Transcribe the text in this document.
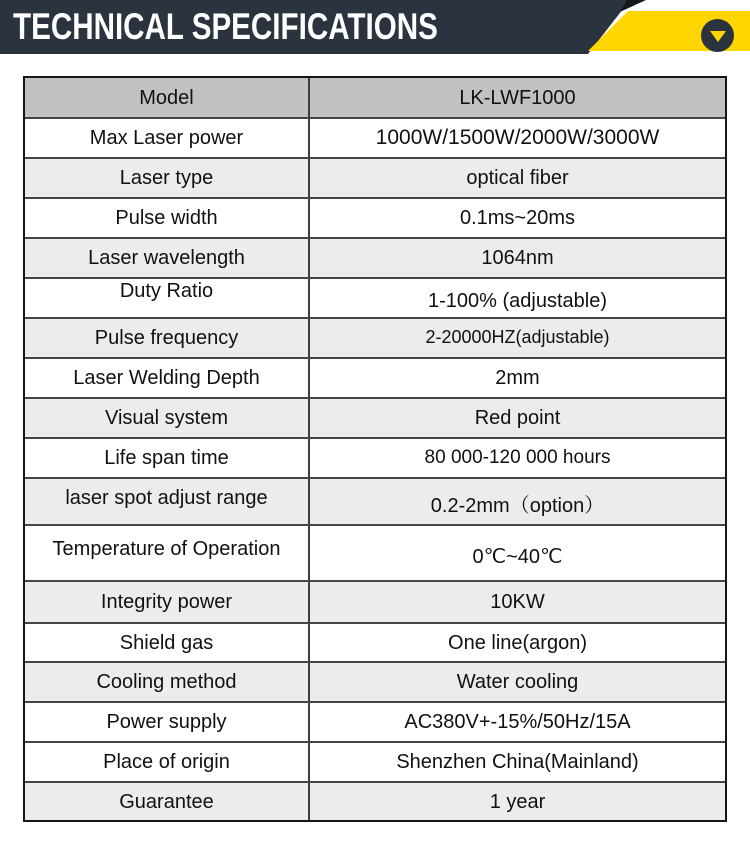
TECHNICAL SPECIFICATIONS
Model	LK-LWF1000
Max Laser power	1000W/1500W/2000W/3000W
Laser type	optical fiber
Pulse width	0.1ms~20ms
Laser wavelength	1064nm
Duty Ratio	1-100% (adjustable)
Pulse frequency	2-20000HZ(adjustable)
Laser Welding Depth	2mm
Visual system	Red point
Life span time	80 000-120 000 hours
laser spot adjust range	0.2-2mm（option）
Temperature of Operation	0℃~40℃
Integrity power	10KW
Shield gas	One line(argon)
Cooling method	Water cooling
Power supply	AC380V+-15%/50Hz/15A
Place of origin	Shenzhen China(Mainland)
Guarantee	1 year
